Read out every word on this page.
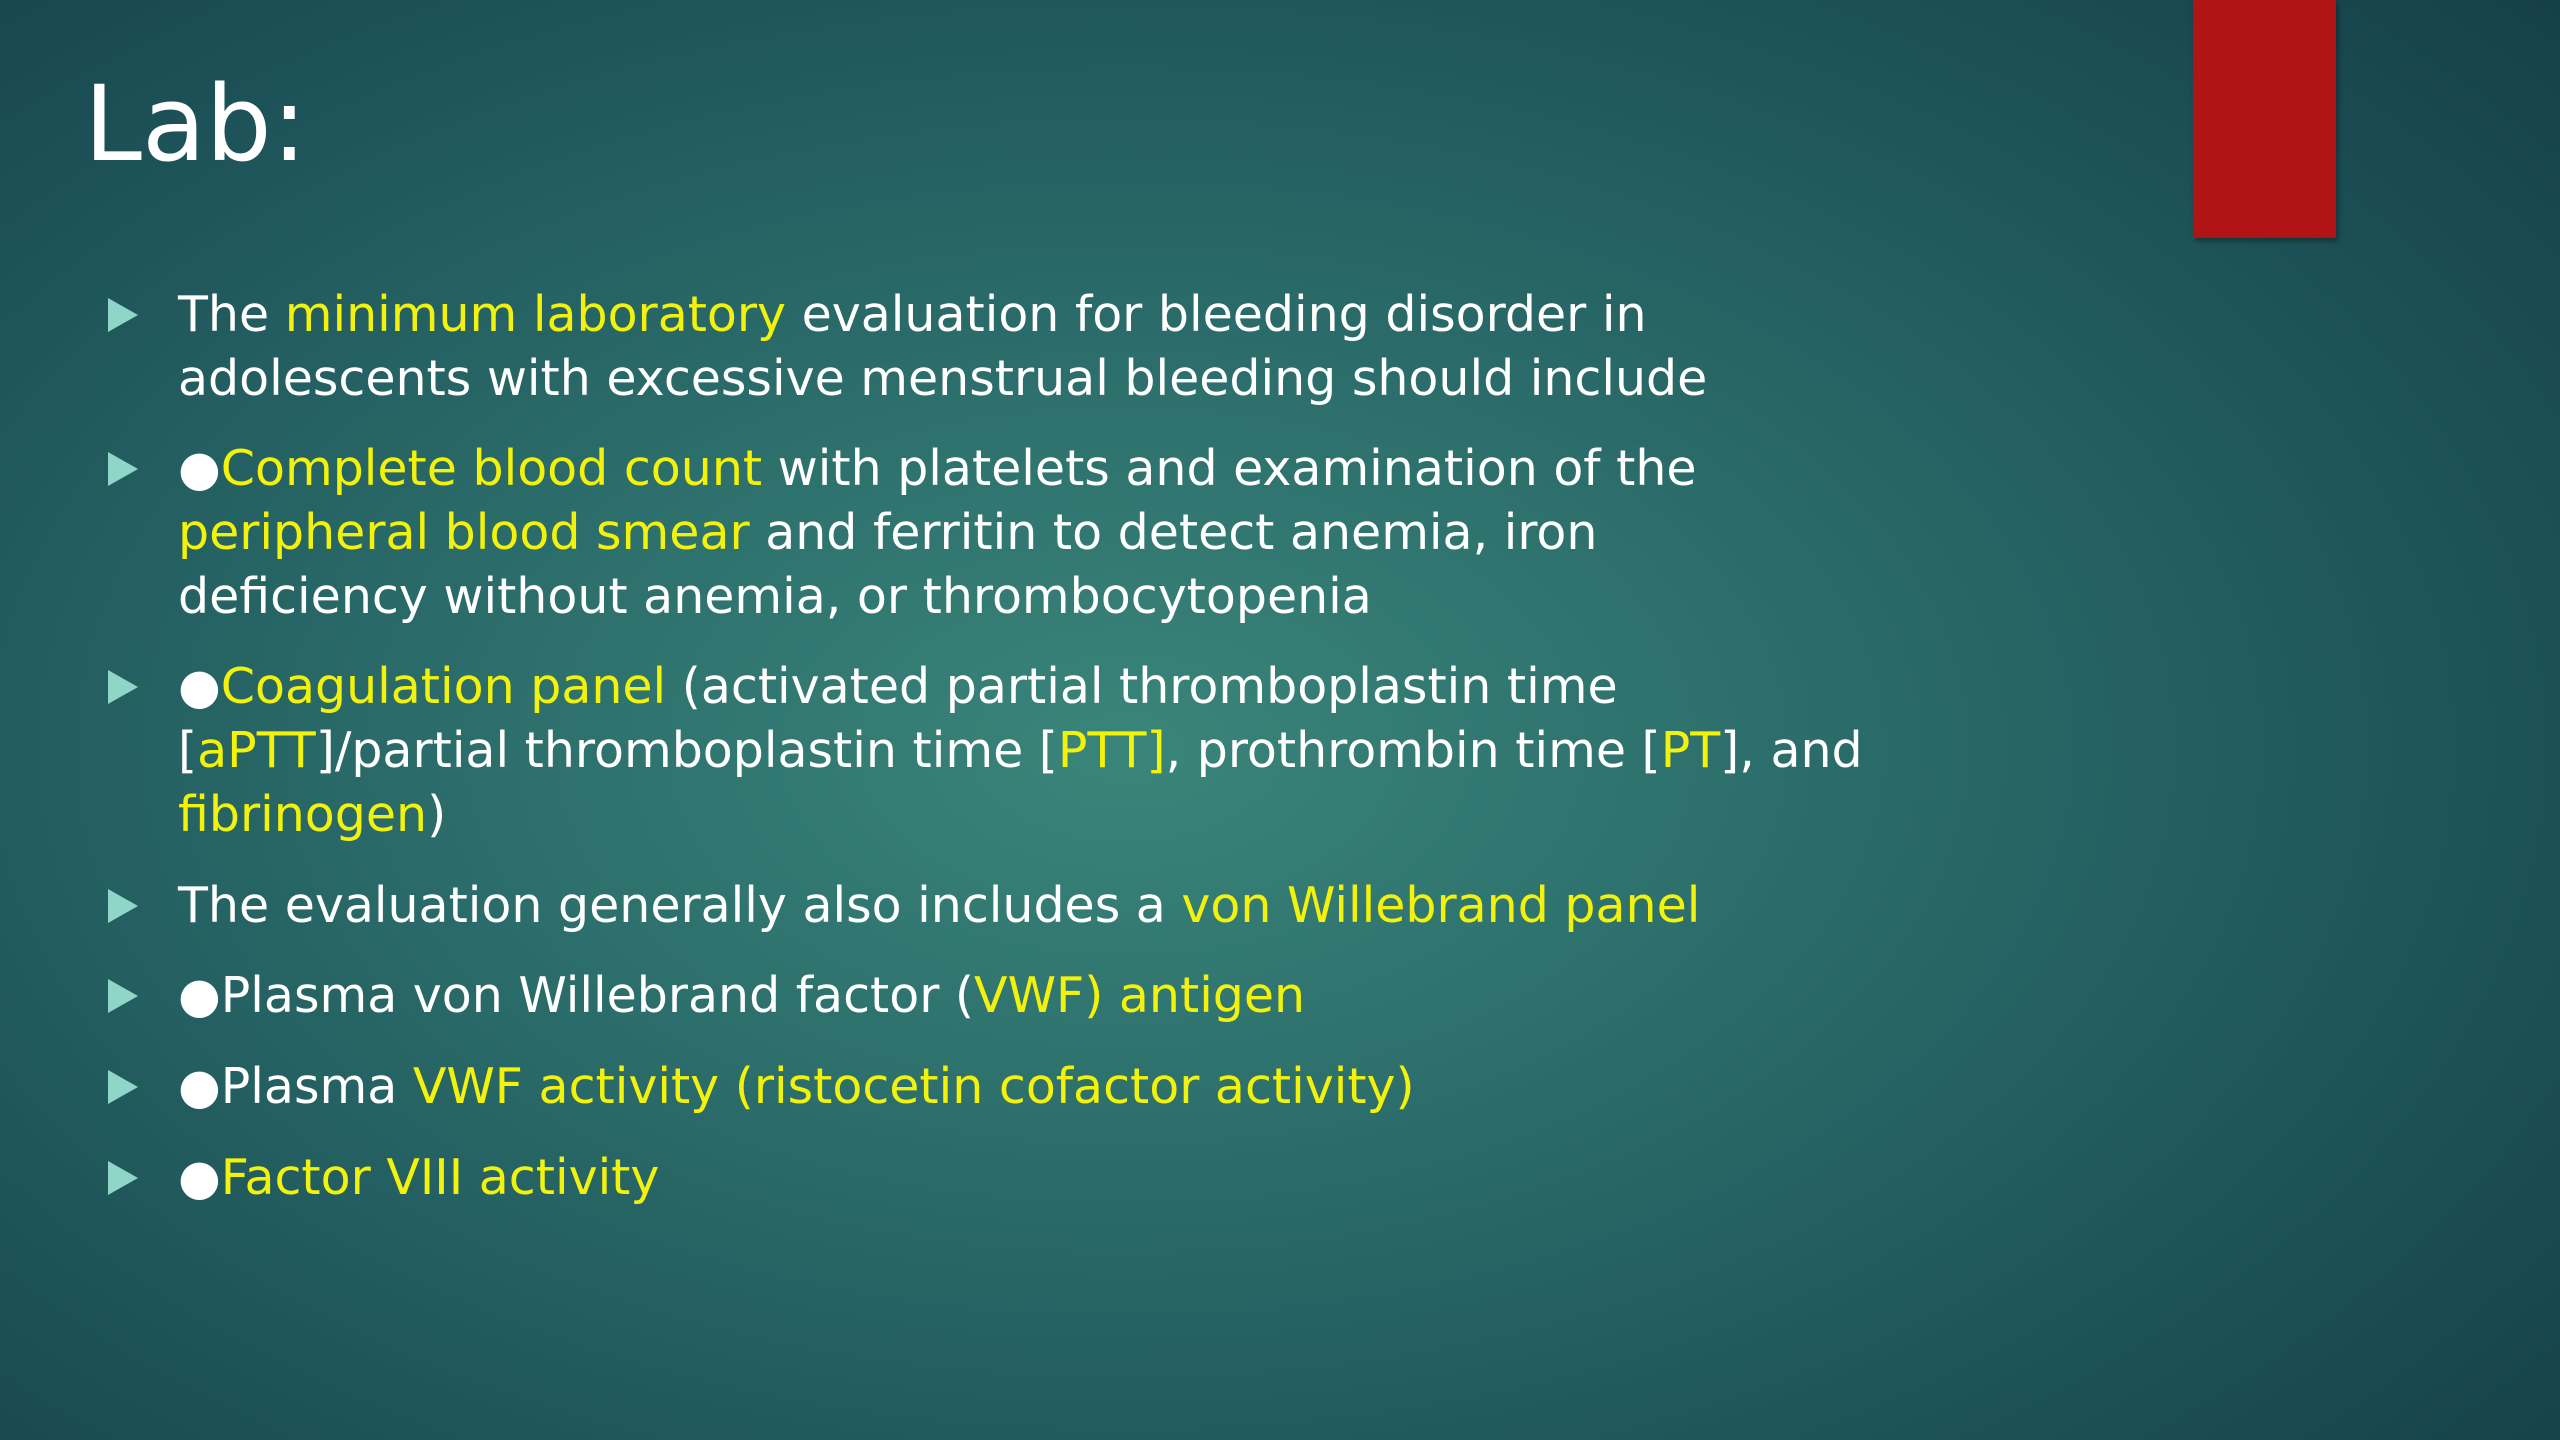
Lab:
The minimum laboratory evaluation for bleeding disorder in
adolescents with excessive menstrual bleeding should include
●Complete blood count with platelets and examination of the
peripheral blood smear and ferritin to detect anemia, iron
deficiency without anemia, or thrombocytopenia
●Coagulation panel (activated partial thromboplastin time
[aPTT]/partial thromboplastin time [PTT], prothrombin time [PT], and
fibrinogen)
The evaluation generally also includes a von Willebrand panel
●Plasma von Willebrand factor (VWF) antigen
●Plasma VWF activity (ristocetin cofactor activity)
●Factor VIII activity
